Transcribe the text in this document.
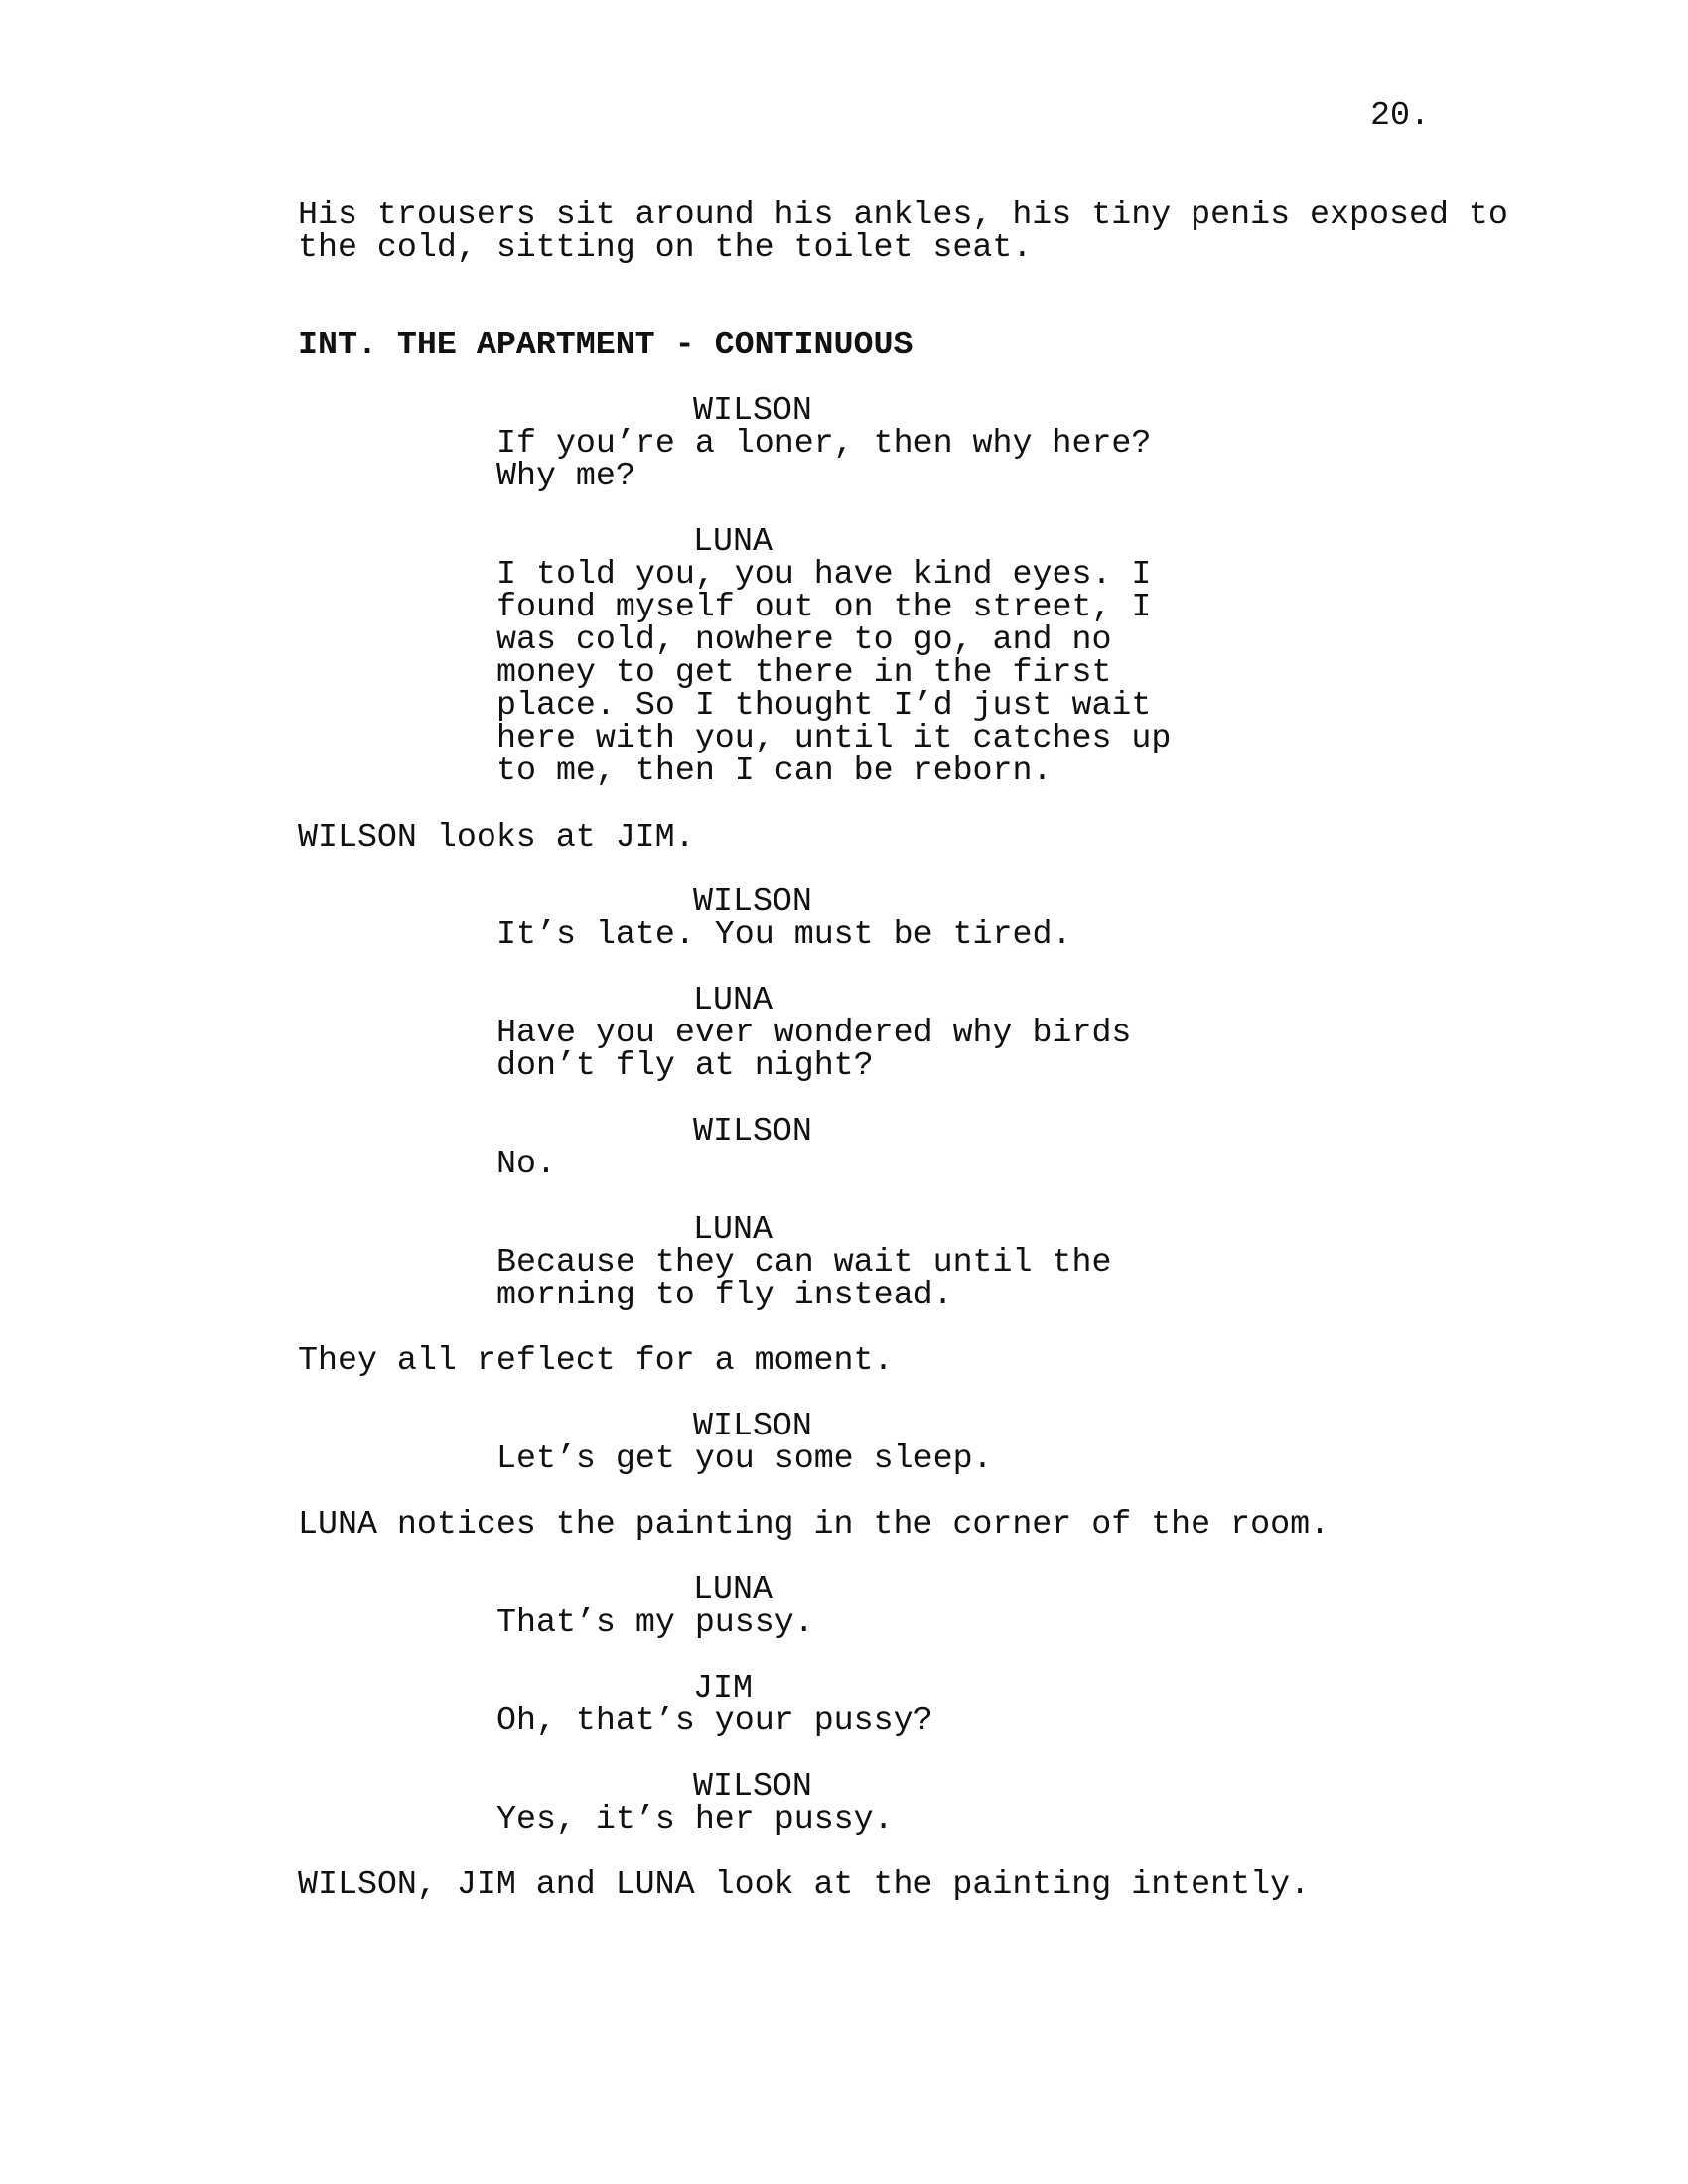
20.
His trousers sit around his ankles, his tiny penis exposed to
the cold, sitting on the toilet seat.
INT. THE APARTMENT - CONTINUOUS
WILSON
If you’re a loner, then why here?
Why me?
LUNA
I told you, you have kind eyes. I
found myself out on the street, I
was cold, nowhere to go, and no
money to get there in the first
place. So I thought I’d just wait
here with you, until it catches up
to me, then I can be reborn.
WILSON looks at JIM.
WILSON
It’s late. You must be tired.
LUNA
Have you ever wondered why birds
don’t fly at night?
WILSON
No.
LUNA
Because they can wait until the
morning to fly instead.
They all reflect for a moment.
WILSON
Let’s get you some sleep.
LUNA notices the painting in the corner of the room.
LUNA
That’s my pussy.
JIM
Oh, that’s your pussy?
WILSON
Yes, it’s her pussy.
WILSON, JIM and LUNA look at the painting intently.
